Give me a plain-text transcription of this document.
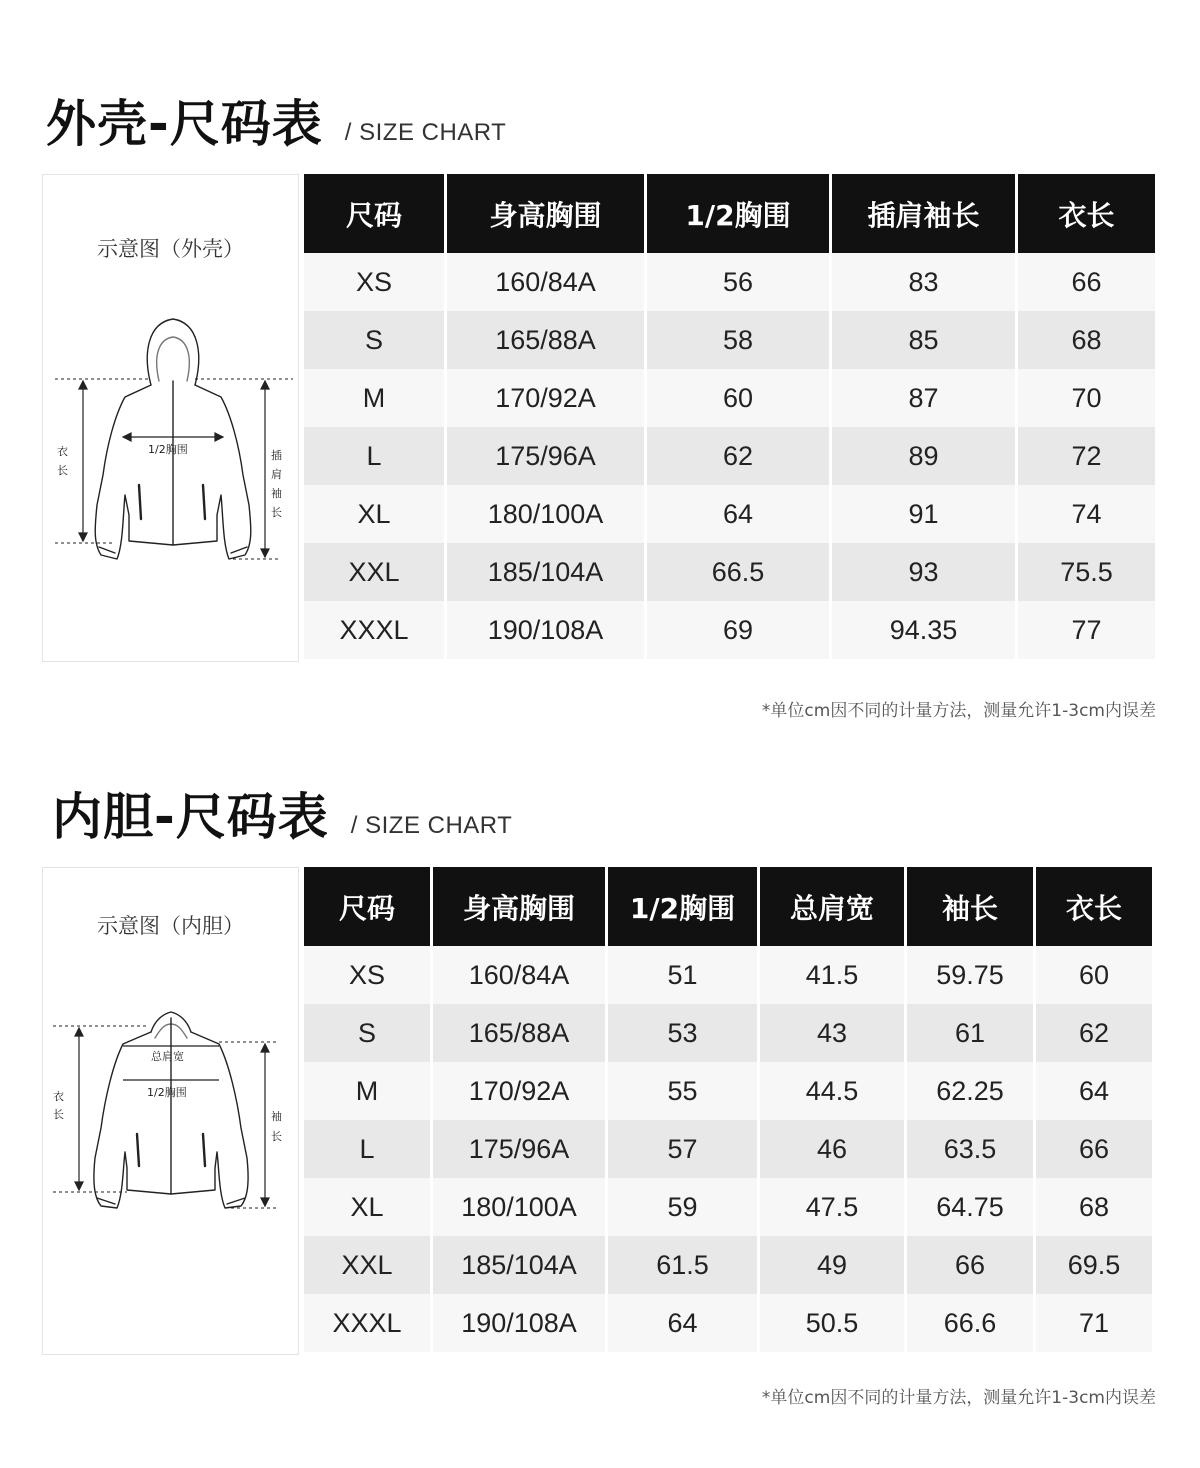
外壳-尺码表 / SIZE CHART
示意图（外壳）
衣
长
1/2胸围	插
肩
袖
长
尺码	身高胸围	1/2胸围	插肩袖长	衣长
XS	160/84A	56	83	66
S	165/88A	58	85	68
M	170/92A	60	87	70
L	175/96A	62	89	72
XL	180/100A	64	91	74
XXL	185/104A	66.5	93	75.5
XXXL	190/108A	69	94.35	77
*单位cm因不同的计量方法，测量允许1-3cm内误差
内胆-尺码表 / SIZE CHART
示意图（内胆）
衣
长
总肩宽
1/2胸围
袖
长
尺码	身高胸围	1/2胸围	总肩宽	袖长	衣长
XS	160/84A	51	41.5	59.75	60
S	165/88A	53	43	61	62
M	170/92A	55	44.5	62.25	64
L	175/96A	57	46	63.5	66
XL	180/100A	59	47.5	64.75	68
XXL	185/104A	61.5	49	66	69.5
XXXL	190/108A	64	50.5	66.6	71
*单位cm因不同的计量方法，测量允许1-3cm内误差
